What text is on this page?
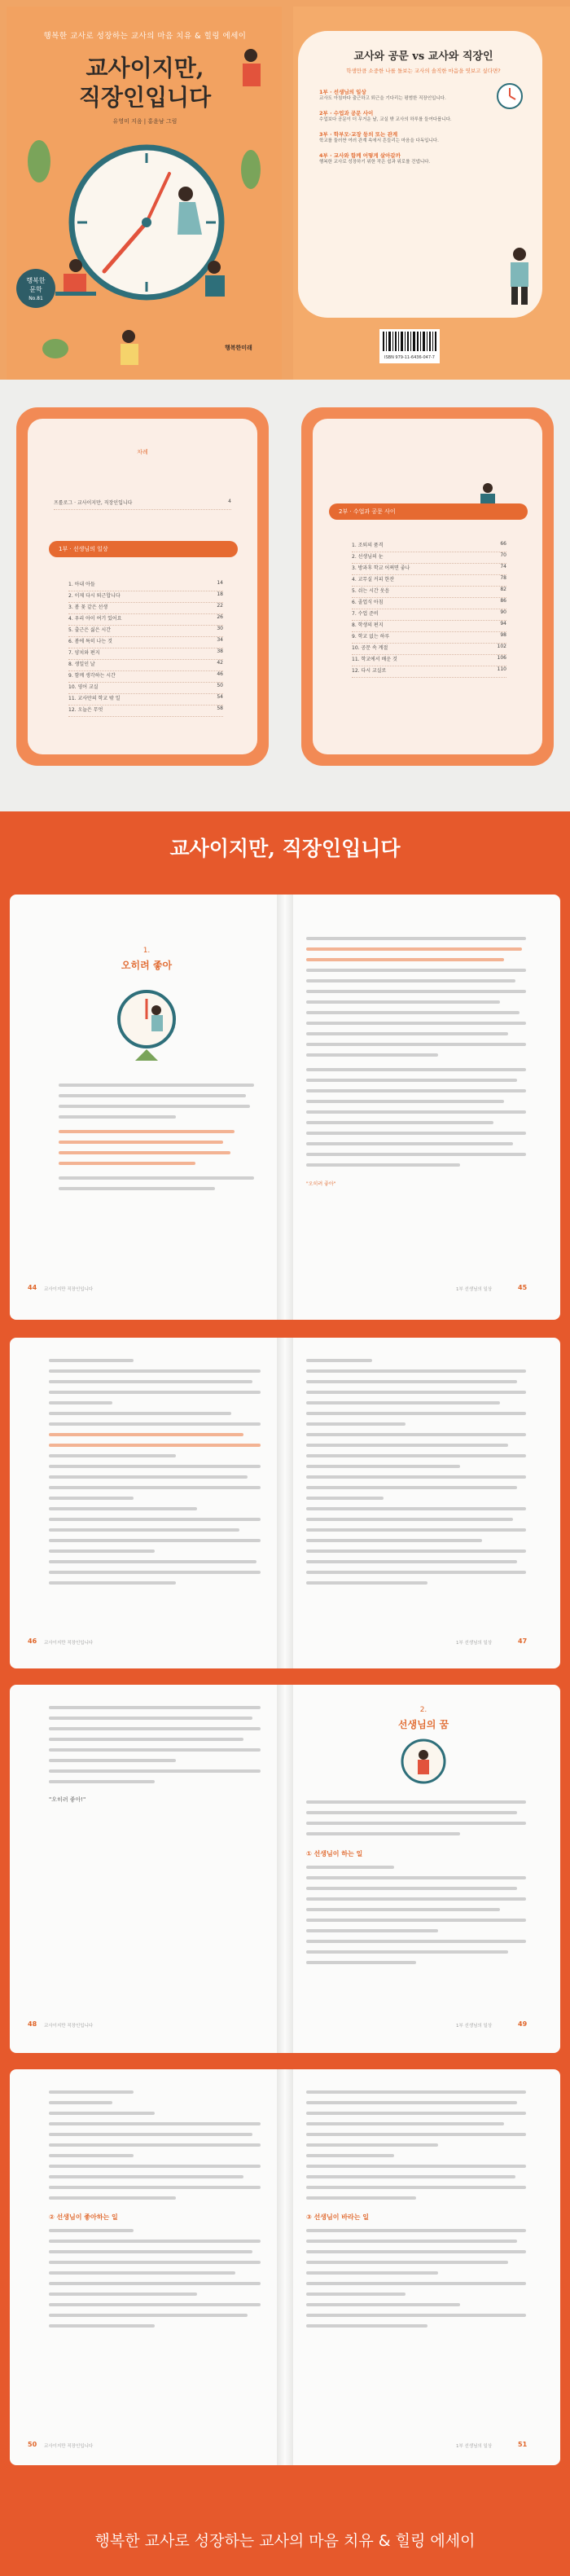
행복한 교사로 성장하는 교사의 마음 치유 & 힐링 에세이
교사이지만,
직장인입니다
유영미 지음 | 홍윤남 그림
행복한
문학
No.81
행복한미래
교사와 공문 vs 교사와 직장인
학생만큼 소중한 나를 돌보는 교사의 솔직한 마음을 엿보고 싶다면?
1부 · 선생님의 일상
교사도 아침마다 출근하고 퇴근을 기다리는 평범한 직장인입니다.
2부 · 수업과 공문 사이
수업보다 공문이 더 무거운 날, 교실 밖 교사의 하루를 들여다봅니다.
3부 · 학부모·교장 등의 또는 관계
학교를 둘러싼 여러 관계 속에서 흔들리는 마음을 다독입니다.
4부 · 교사와 함께 어떻게 살아갈까
행복한 교사로 성장하기 위한 작은 쉼과 위로를 건넵니다.
ISBN 979-11-6436-047-7
차례
프롤로그 · 교사이지만, 직장인입니다	4
1부 · 선생님의 일상
1. 아내 아들	14
2. 이제 다시 퇴근합니다	18
3. 봄 꽃 같은 선생	22
4. 우리 아이 여기 있어요	26
5. 출근은 싫은 시간	30
6. 봄에 특히 나는 것	34
7. 양치와 편지	38
8. 생일인 날	42
9. 함께 생각하는 시간	46
10. 영어 교실	50
11. 교사만의 학교 밖 일	54
12. 오늘은 무엇	58
2부 · 수업과 공문 사이
1. 조퇴의 품격	66
2. 선생님의 눈	70
3. 방과후 학교 어쩌면 좋나	74
4. 교무실 커피 한잔	78
5. 쉬는 시간 웃음	82
6. 졸업식 아침	86
7. 수업 준비	90
8. 학생의 편지	94
9. 학교 없는 하루	98
10. 공문 속 계절	102
11. 학교에서 배운 것	106
12. 다시 교실로	110
교사이지만, 직장인입니다
1.
오히려 좋아
44 교사이지만 직장인입니다
"오히려 좋아"
1부 선생님의 일상	45
46 교사이지만 직장인입니다	1부 선생님의 일상	47
"오히려 좋아!"
48 교사이지만 직장인입니다
2.
선생님의 꿈
① 선생님이 하는 일
1부 선생님의 일상	49
② 선생님이 좋아하는 일
50 교사이지만 직장인입니다
③ 선생님이 바라는 일
1부 선생님의 일상	51
행복한 교사로 성장하는 교사의 마음 치유 & 힐링 에세이
